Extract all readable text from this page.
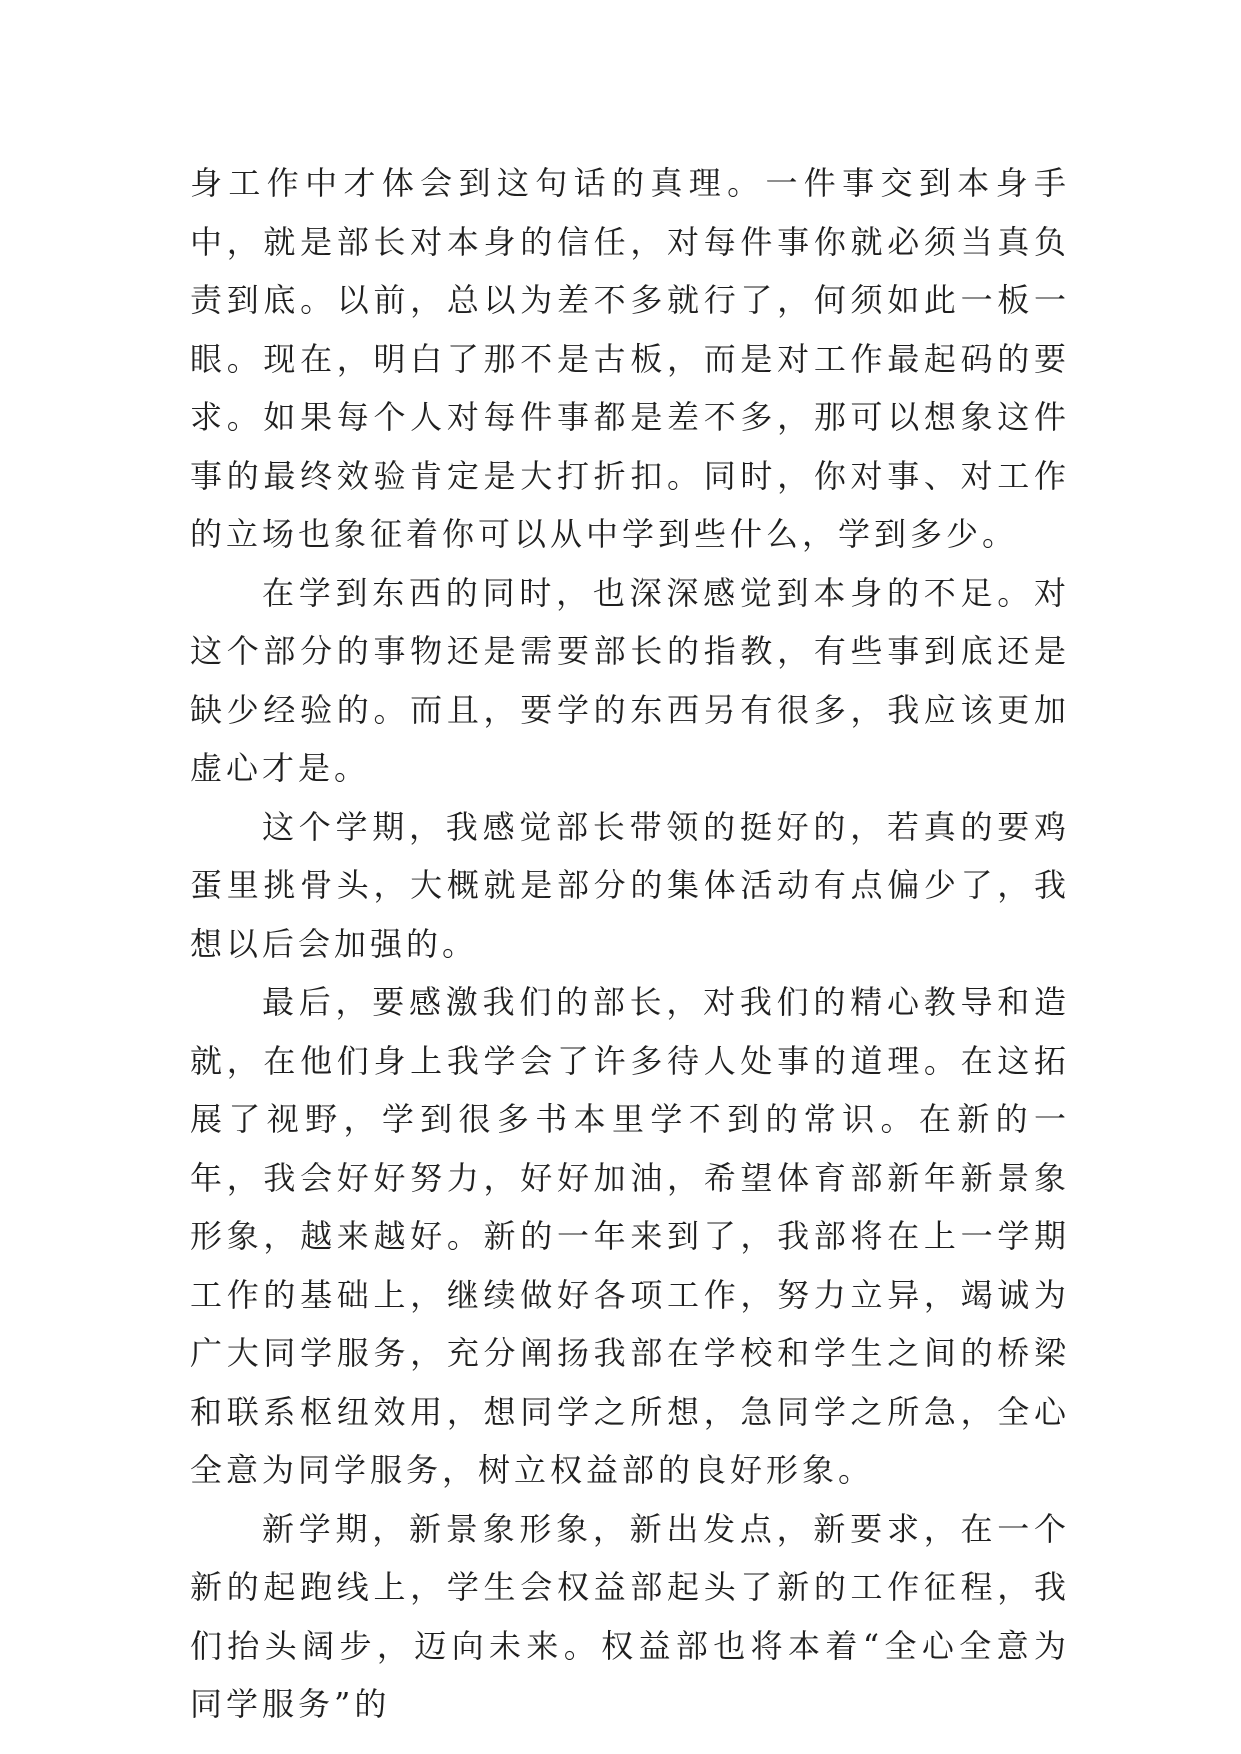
身工作中才体会到这句话的真理。一件事交到本身手中，就是部长对本身的信任，对每件事你就必须当真负责到底。以前，总以为差不多就行了，何须如此一板一眼。现在，明白了那不是古板，而是对工作最起码的要求。如果每个人对每件事都是差不多，那可以想象这件事的最终效验肯定是大打折扣。同时，你对事、对工作的立场也象征着你可以从中学到些什么，学到多少。

在学到东西的同时，也深深感觉到本身的不足。对这个部分的事物还是需要部长的指教，有些事到底还是缺少经验的。而且，要学的东西另有很多，我应该更加虚心才是。

这个学期，我感觉部长带领的挺好的，若真的要鸡蛋里挑骨头，大概就是部分的集体活动有点偏少了，我想以后会加强的。

最后，要感激我们的部长，对我们的精心教导和造就，在他们身上我学会了许多待人处事的道理。在这拓展了视野，学到很多书本里学不到的常识。在新的一年，我会好好努力，好好加油，希望体育部新年新景象形象，越来越好。新的一年来到了，我部将在上一学期工作的基础上，继续做好各项工作，努力立异，竭诚为广大同学服务，充分阐扬我部在学校和学生之间的桥梁和联系枢纽效用，想同学之所想，急同学之所急，全心全意为同学服务，树立权益部的良好形象。

新学期，新景象形象，新出发点，新要求，在一个新的起跑线上，学生会权益部起头了新的工作征程，我们抬头阔步，迈向未来。权益部也将本着“全心全意为同学服务”的
